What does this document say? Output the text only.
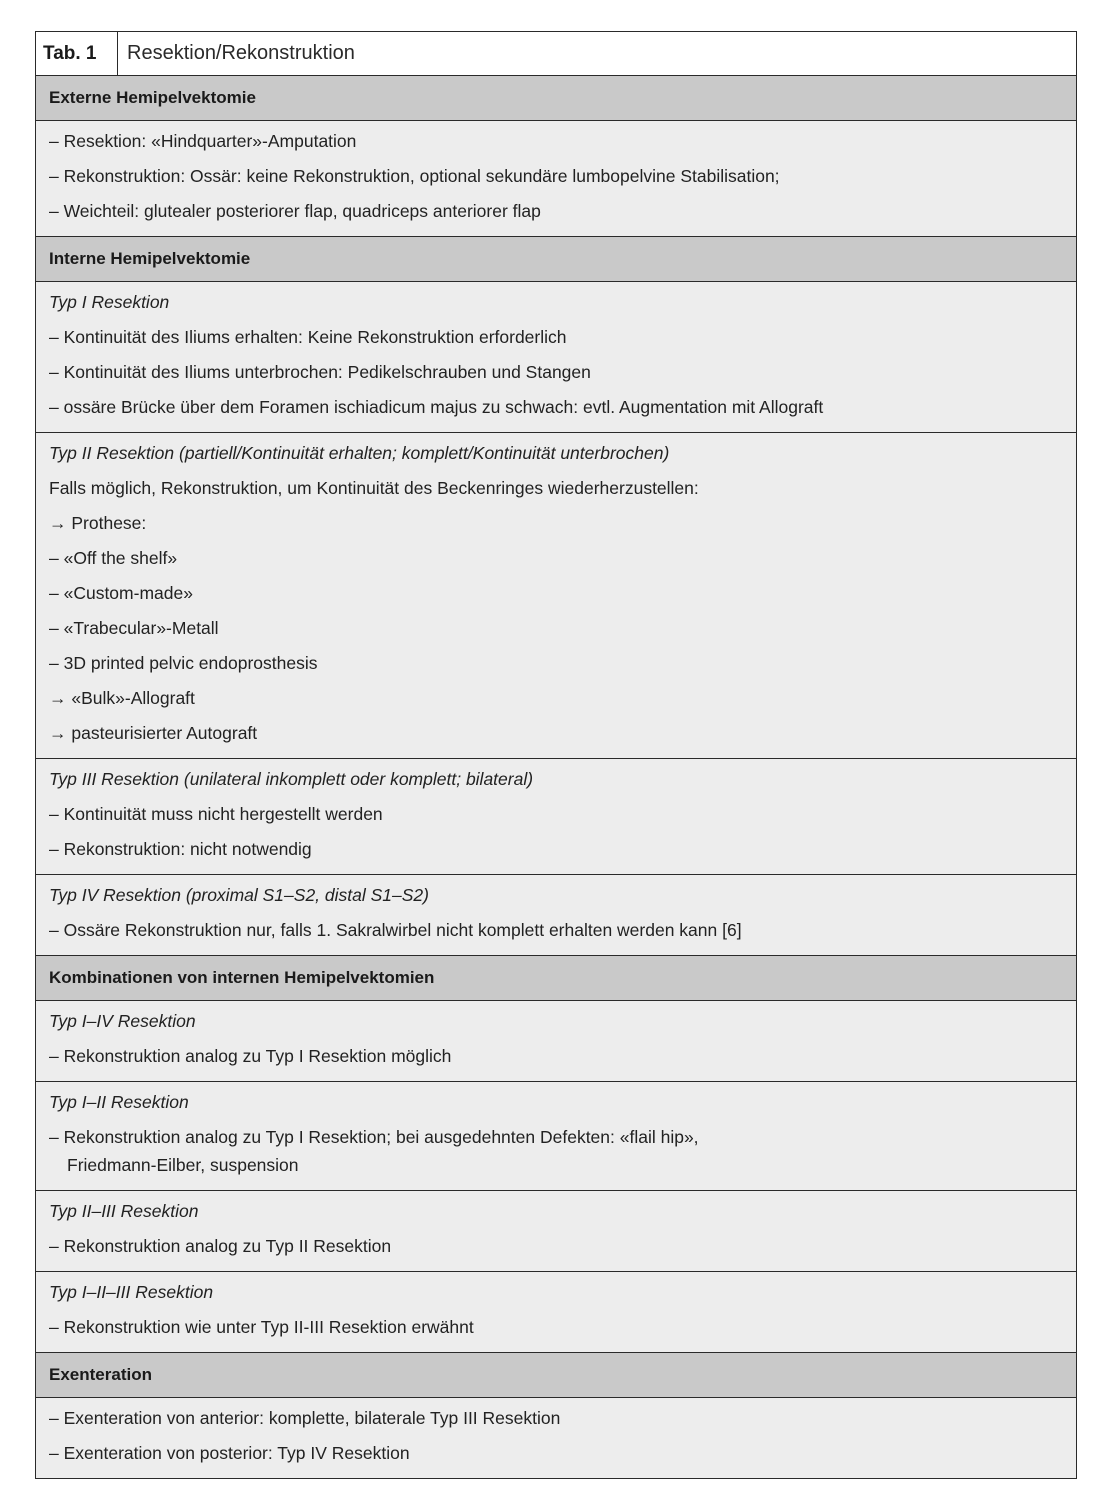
Tab. 1	Resektion/Rekonstruktion
Externe Hemipelvektomie
– Resektion: «Hindquarter»-Amputation
– Rekonstruktion: Ossär: keine Rekonstruktion, optional sekundäre lumbopelvine Stabilisation;
– Weichteil: glutealer posteriorer flap, quadriceps anteriorer flap
Interne Hemipelvektomie
Typ I Resektion
– Kontinuität des Iliums erhalten: Keine Rekonstruktion erforderlich
– Kontinuität des Iliums unterbrochen: Pedikelschrauben und Stangen
– ossäre Brücke über dem Foramen ischiadicum majus zu schwach: evtl. Augmentation mit Allograft
Typ II Resektion (partiell/Kontinuität erhalten; komplett/Kontinuität unterbrochen)
Falls möglich, Rekonstruktion, um Kontinuität des Beckenringes wiederherzustellen:
→ Prothese:
– «Off the shelf»
– «Custom-made»
– «Trabecular»-Metall
– 3D printed pelvic endoprosthesis
→ «Bulk»-Allograft
→ pasteurisierter Autograft
Typ III Resektion (unilateral inkomplett oder komplett; bilateral)
– Kontinuität muss nicht hergestellt werden
– Rekonstruktion: nicht notwendig
Typ IV Resektion (proximal S1–S2, distal S1–S2)
– Ossäre Rekonstruktion nur, falls 1. Sakralwirbel nicht komplett erhalten werden kann [6]
Kombinationen von internen Hemipelvektomien
Typ I–IV Resektion
– Rekonstruktion analog zu Typ I Resektion möglich
Typ I–II Resektion
– Rekonstruktion analog zu Typ I Resektion; bei ausgedehnten Defekten: «flail hip», Friedmann-Eilber, suspension
Typ II–III Resektion
– Rekonstruktion analog zu Typ II Resektion
Typ I–II–III Resektion
– Rekonstruktion wie unter Typ II-III Resektion erwähnt
Exenteration
– Exenteration von anterior: komplette, bilaterale Typ III Resektion
– Exenteration von posterior: Typ IV Resektion
